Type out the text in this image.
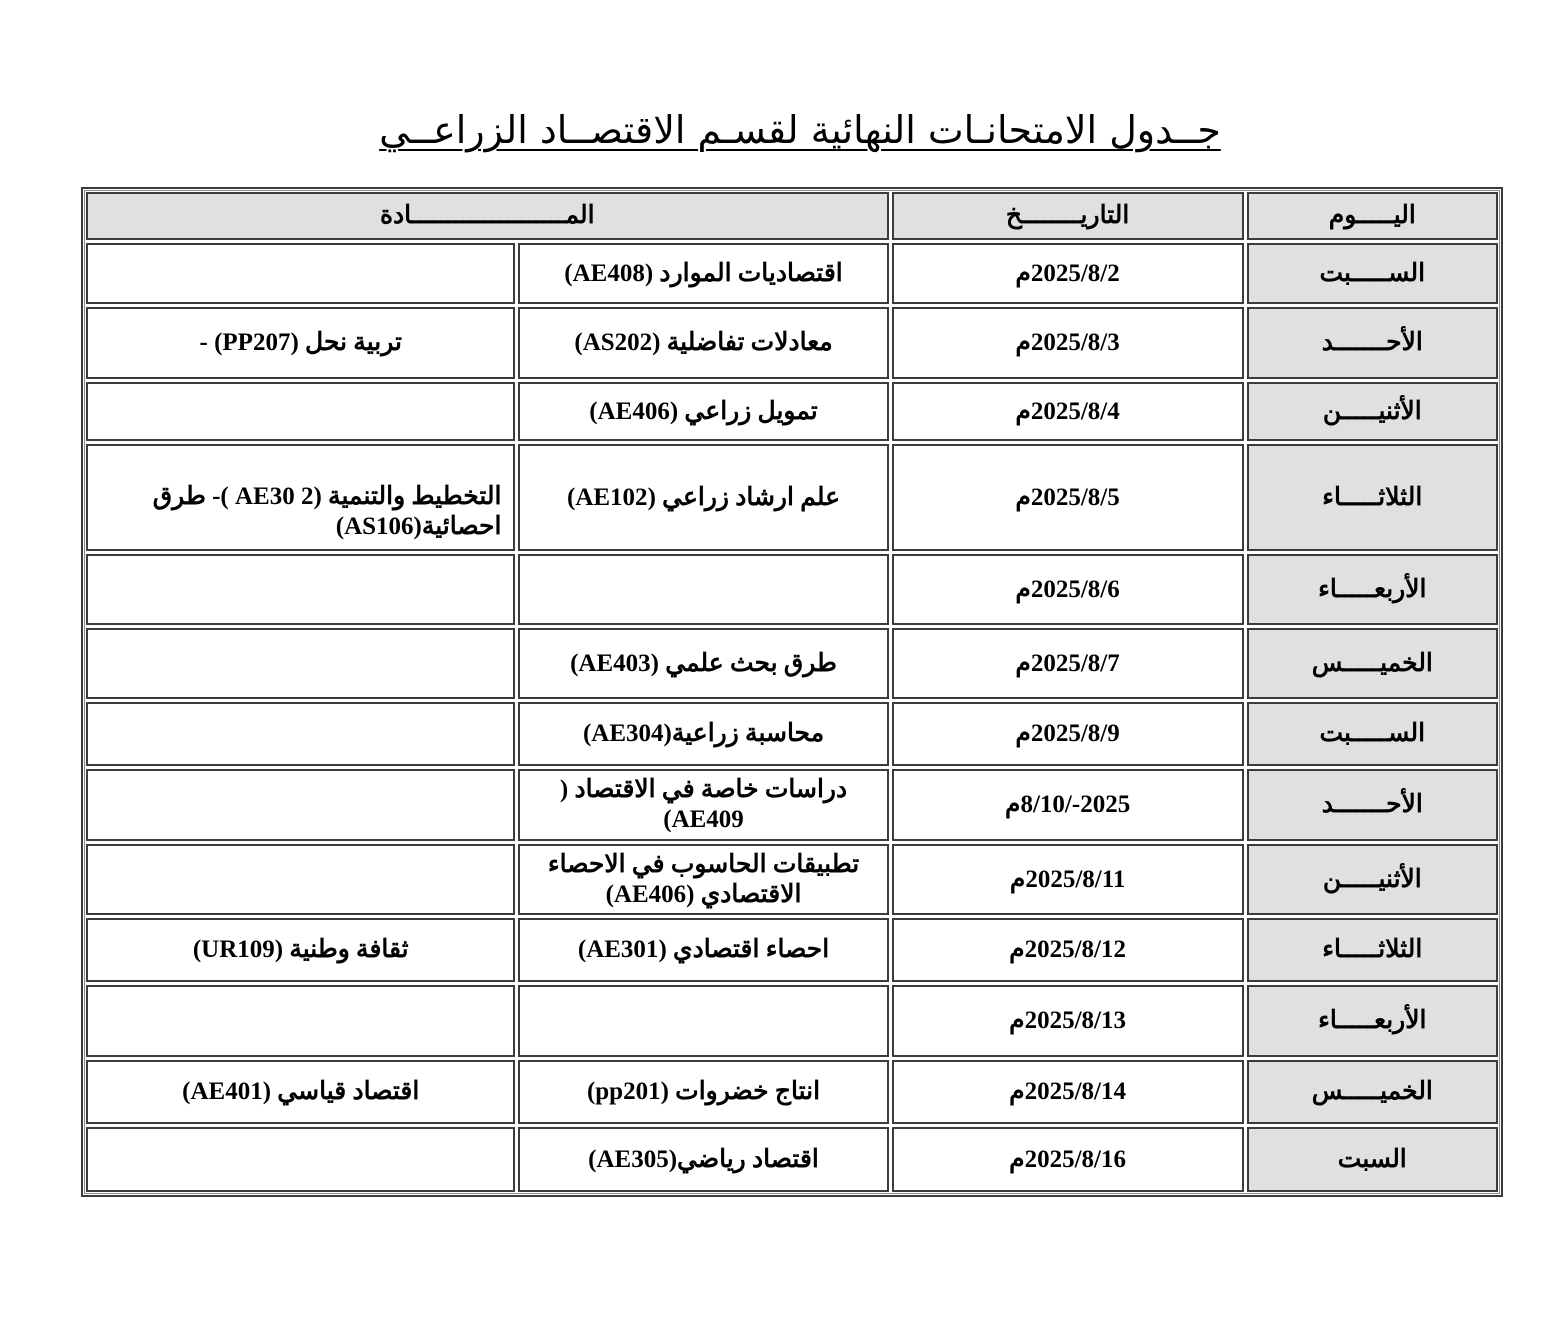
جــدول الامتحانـات النهائية لقسـم الاقتصــاد الزراعــي
اليـــــوم	التاريــــــــخ	المـــــــــــــــــــــادة	
الســـــبت	2025/8/2م	اقتصاديات الموارد (AE408)	
الأحـــــــد	2025/8/3م	معادلات تفاضلية (AS202)	تربية نحل (PP207) -
الأثنيـــــن	2025/8/4م	تمويل زراعي (AE406)	
الثلاثـــــاء	2025/8/5م	علم ارشاد زراعي (AE102)	التخطيط والتنمية (2 AE30 )- طرق احصائية(AS106)
الأربعـــــاء	2025/8/6م		
الخميـــــس	2025/8/7م	طرق بحث علمي (AE403)	
الســـــبت	2025/8/9م	محاسبة زراعية(AE304)	
الأحـــــــد	2025-/8/10م	دراسات خاصة في الاقتصاد ( AE409)	
الأثنيـــــن	2025/8/11م	تطبيقات الحاسوب في الاحصاء الاقتصادي (AE406)	
الثلاثـــــاء	2025/8/12م	احصاء اقتصادي (AE301)	ثقافة وطنية (UR109)
الأربعـــــاء	2025/8/13م		
الخميـــــس	2025/8/14م	انتاج خضروات (pp201)	اقتصاد قياسي (AE401)
السبت	2025/8/16م	اقتصاد رياضي(AE305)	
